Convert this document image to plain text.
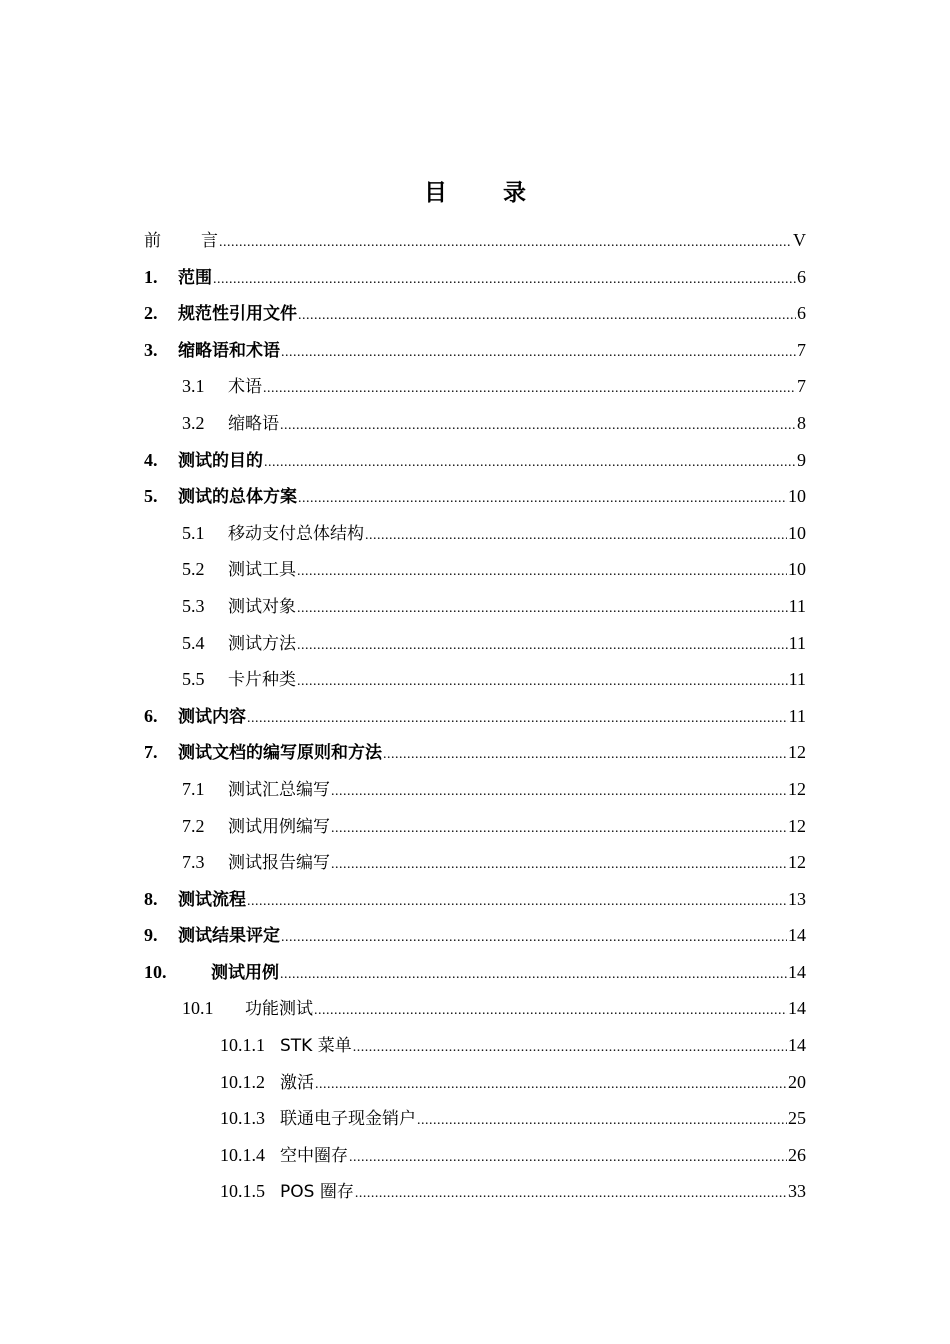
目 录
前 言 .....	V
1.	范围 .....	6
2.	规范性引用文件 .....	6
3.	缩略语和术语 .....	7
3.1	术语 .....	7
3.2	缩略语 .....	8
4.	测试的目的 .....	9
5.	测试的总体方案 .....	10
5.1	移动支付总体结构 .....	10
5.2	测试工具 .....	10
5.3	测试对象 .....	11
5.4	测试方法 .....	11
5.5	卡片种类 .....	11
6.	测试内容 .....	11
7.	测试文档的编写原则和方法 .....	12
7.1	测试汇总编写 .....	12
7.2	测试用例编写 .....	12
7.3	测试报告编写 .....	12
8.	测试流程 .....	13
9.	测试结果评定 .....	14
10.	测试用例 .....	14
10.1	功能测试 .....	14
10.1.1 STK 菜单 .....	14
10.1.2 激活 .....	20
10.1.3 联通电子现金销户 .....	25
10.1.4 空中圈存 .....	26
10.1.5 POS 圈存 .....	33
